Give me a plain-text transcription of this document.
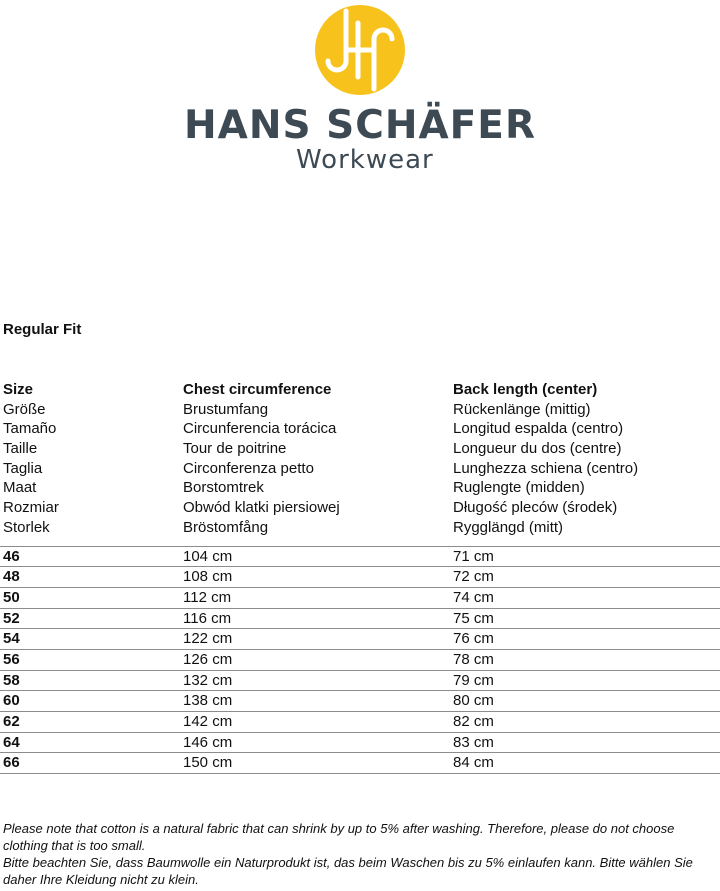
HANS SCHÄFER
Workwear
Regular Fit
Size	Chest circumference	Back length (center)
Größe	Brustumfang	Rückenlänge (mittig)
Tamaño	Circunferencia torácica	Longitud espalda (centro)
Taille	Tour de poitrine	Longueur du dos (centre)
Taglia	Circonferenza petto	Lunghezza schiena (centro)
Maat	Borstomtrek	Ruglengte (midden)
Rozmiar	Obwód klatki piersiowej	Długość pleców (środek)
Storlek	Bröstomfång	Rygglängd (mitt)
46	104 cm	71 cm
48	108 cm	72 cm
50	112 cm	74 cm
52	116 cm	75 cm
54	122 cm	76 cm
56	126 cm	78 cm
58	132 cm	79 cm
60	138 cm	80 cm
62	142 cm	82 cm
64	146 cm	83 cm
66	150 cm	84 cm

Please note that cotton is a natural fabric that can shrink by up to 5% after washing. Therefore, please do not choose clothing that is too small.

Bitte beachten Sie, dass Baumwolle ein Naturprodukt ist, das beim Waschen bis zu 5% einlaufen kann. Bitte wählen Sie daher Ihre Kleidung nicht zu klein.
